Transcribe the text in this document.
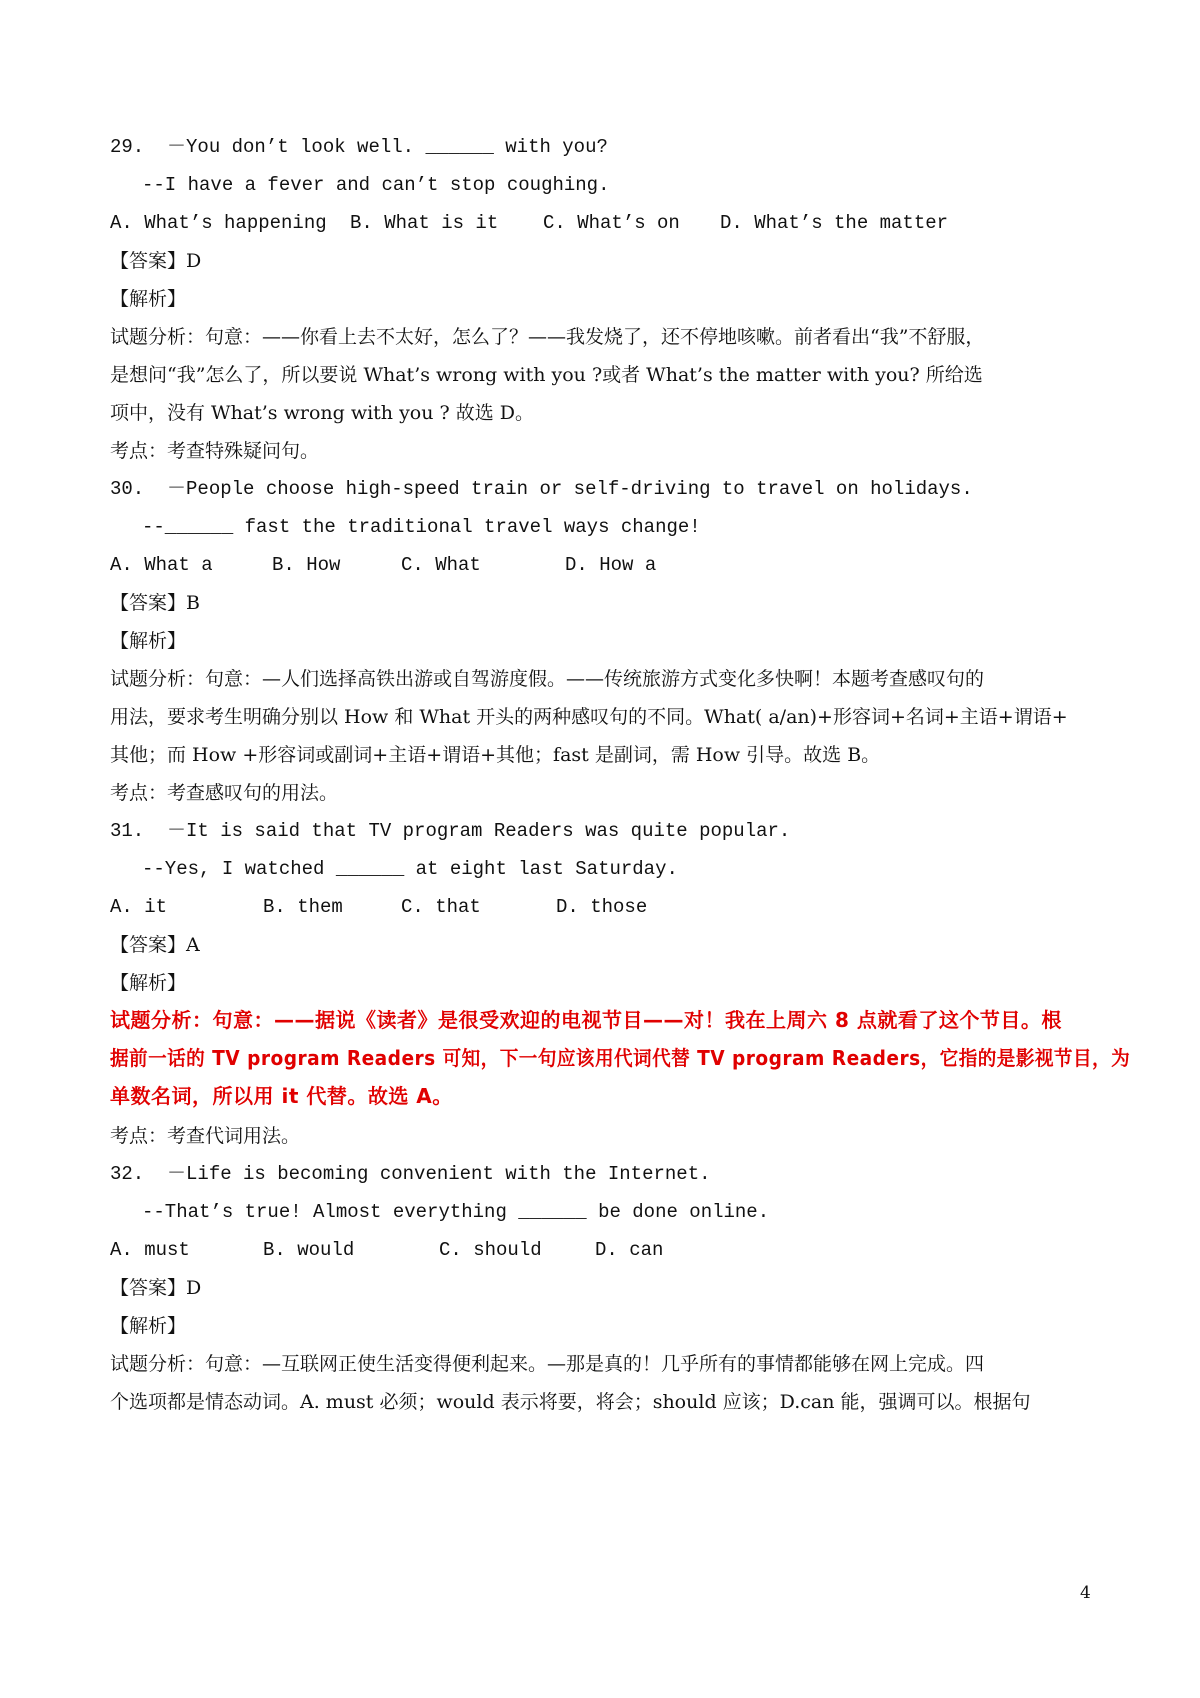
29.  －You don’t look well. ______ with you?
--I have a fever and can’t stop coughing.

A. What’s happening

B. What is it

C. What’s on

D. What’s the matter

【答案】D
【解析】
试题分析：句意：——你看上去不太好，怎么了？——我发烧了，还不停地咳嗽。前者看出“我”不舒服，
是想问“我”怎么了，所以要说 What’s wrong with you ?或者 What’s the matter with you? 所给选
项中，没有 What’s wrong with you ? 故选 D。
考点：考查特殊疑问句。
30.  －People choose high-speed train or self-driving to travel on holidays.
--______ fast the traditional travel ways change!

A. What a

	B. How

	C. What

	D. How a

【答案】B
【解析】
试题分析：句意：—人们选择高铁出游或自驾游度假。——传统旅游方式变化多快啊！本题考查感叹句的
用法，要求考生明确分别以 How 和 What 开头的两种感叹句的不同。What( a/an)+形容词+名词+主语+谓语+
其他；而 How +形容词或副词+主语+谓语+其他；fast 是副词，需 How 引导。故选 B。
考点：考查感叹句的用法。
31.  －It is said that TV program Readers was quite popular.
--Yes, I watched ______ at eight last Saturday.

A. it

	B. them

	C. that

	D. those

【答案】A
【解析】
试题分析：句意：——据说《读者》是很受欢迎的电视节目——对！我在上周六 8 点就看了这个节目。根
据前一话的 TV program Readers 可知，下一句应该用代词代替 TV program Readers，它指的是影视节目，为
单数名词，所以用 it 代替。故选 A。
考点：考查代词用法。
32.  －Life is becoming convenient with the Internet.
--That’s true! Almost everything ______ be done online.

A. must

	B. would

	C. should

	D. can

【答案】D
【解析】
试题分析：句意：—互联网正使生活变得便利起来。—那是真的！几乎所有的事情都能够在网上完成。四
个选项都是情态动词。A. must 必须；would 表示将要，将会；should 应该；D.can 能，强调可以。根据句
4
